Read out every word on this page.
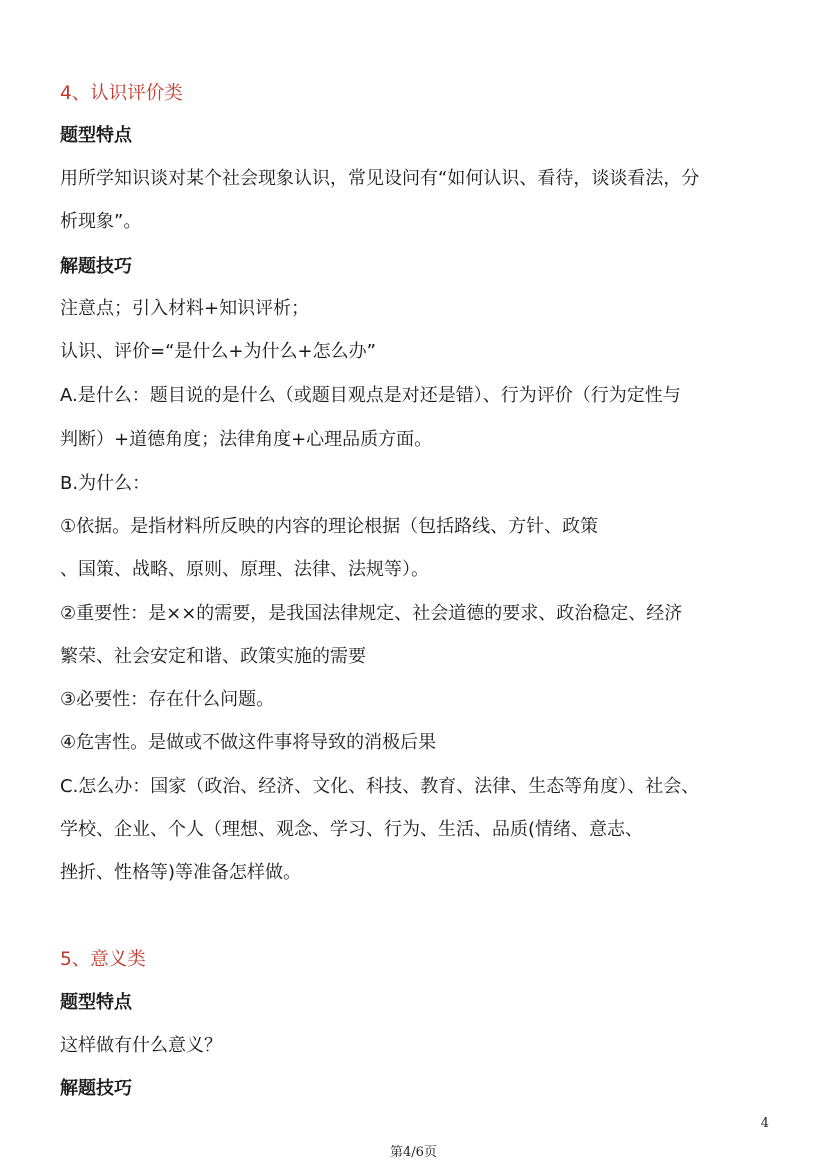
4、认识评价类
题型特点
用所学知识谈对某个社会现象认识，常见设问有“如何认识、看待，谈谈看法，分
析现象”。
解题技巧
注意点；引入材料+知识评析；
认识、评价=“是什么+为什么+怎么办”
A.是什么：题目说的是什么（或题目观点是对还是错）、行为评价（行为定性与
判断）+道德角度；法律角度+心理品质方面。
B.为什么：
①依据。是指材料所反映的内容的理论根据（包括路线、方针、政策
、国策、战略、原则、原理、法律、法规等）。
②重要性：是××的需要，是我国法律规定、社会道德的要求、政治稳定、经济
繁荣、社会安定和谐、政策实施的需要
③必要性：存在什么问题。
④危害性。是做或不做这件事将导致的消极后果
C.怎么办：国家（政治、经济、文化、科技、教育、法律、生态等角度）、社会、
学校、企业、个人（理想、观念、学习、行为、生活、品质(情绪、意志、
挫折、性格等)等准备怎样做。
5、意义类
题型特点
这样做有什么意义？
解题技巧
4
第4/6页
